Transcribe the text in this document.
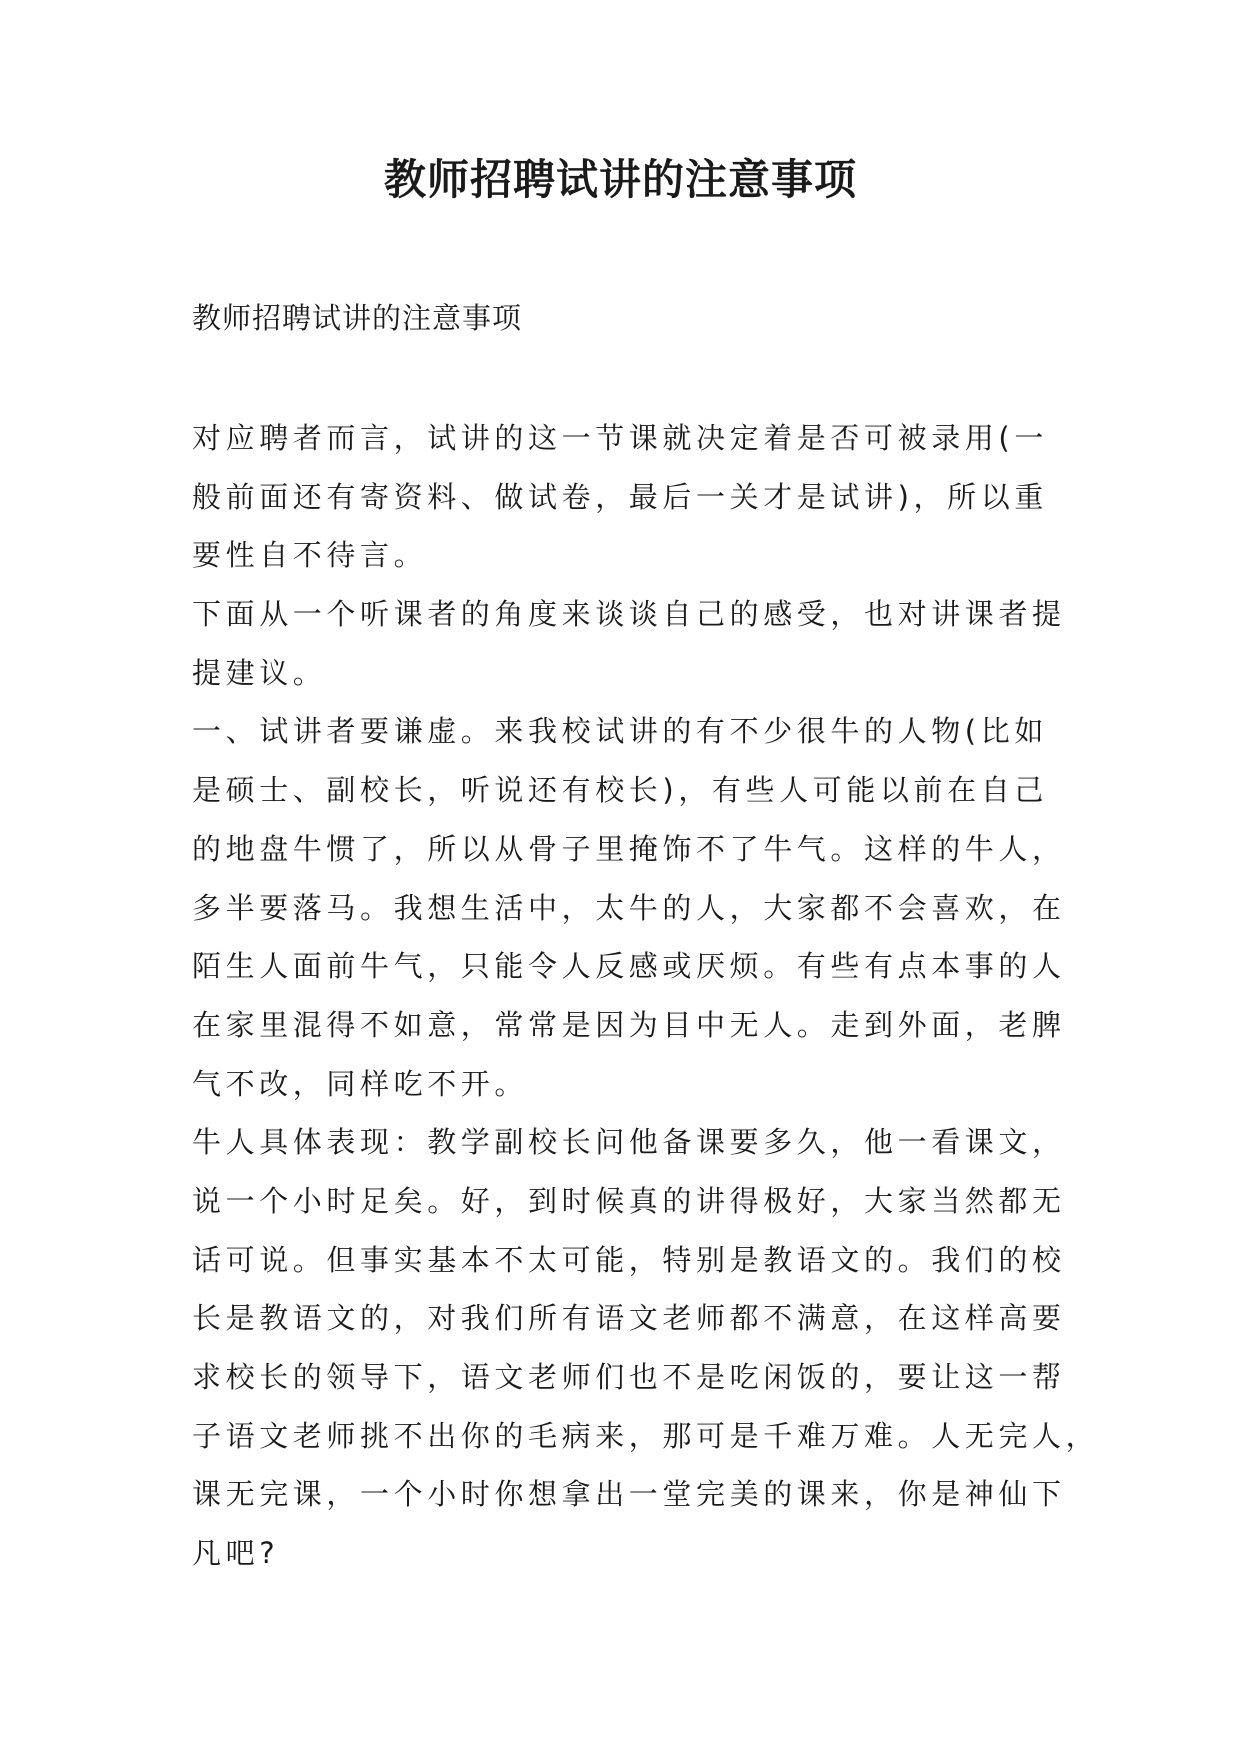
教师招聘试讲的注意事项
教师招聘试讲的注意事项
对应聘者而言，试讲的这一节课就决定着是否可被录用(一
般前面还有寄资料、做试卷，最后一关才是试讲)，所以重
要性自不待言。
下面从一个听课者的角度来谈谈自己的感受，也对讲课者提
提建议。
一、试讲者要谦虚。来我校试讲的有不少很牛的人物(比如
是硕士、副校长，听说还有校长)，有些人可能以前在自己
的地盘牛惯了，所以从骨子里掩饰不了牛气。这样的牛人，
多半要落马。我想生活中，太牛的人，大家都不会喜欢，在
陌生人面前牛气，只能令人反感或厌烦。有些有点本事的人
在家里混得不如意，常常是因为目中无人。走到外面，老脾
气不改，同样吃不开。
牛人具体表现：教学副校长问他备课要多久，他一看课文，
说一个小时足矣。好，到时候真的讲得极好，大家当然都无
话可说。但事实基本不太可能，特别是教语文的。我们的校
长是教语文的，对我们所有语文老师都不满意，在这样高要
求校长的领导下，语文老师们也不是吃闲饭的，要让这一帮
子语文老师挑不出你的毛病来，那可是千难万难。人无完人，
课无完课，一个小时你想拿出一堂完美的课来，你是神仙下
凡吧?
